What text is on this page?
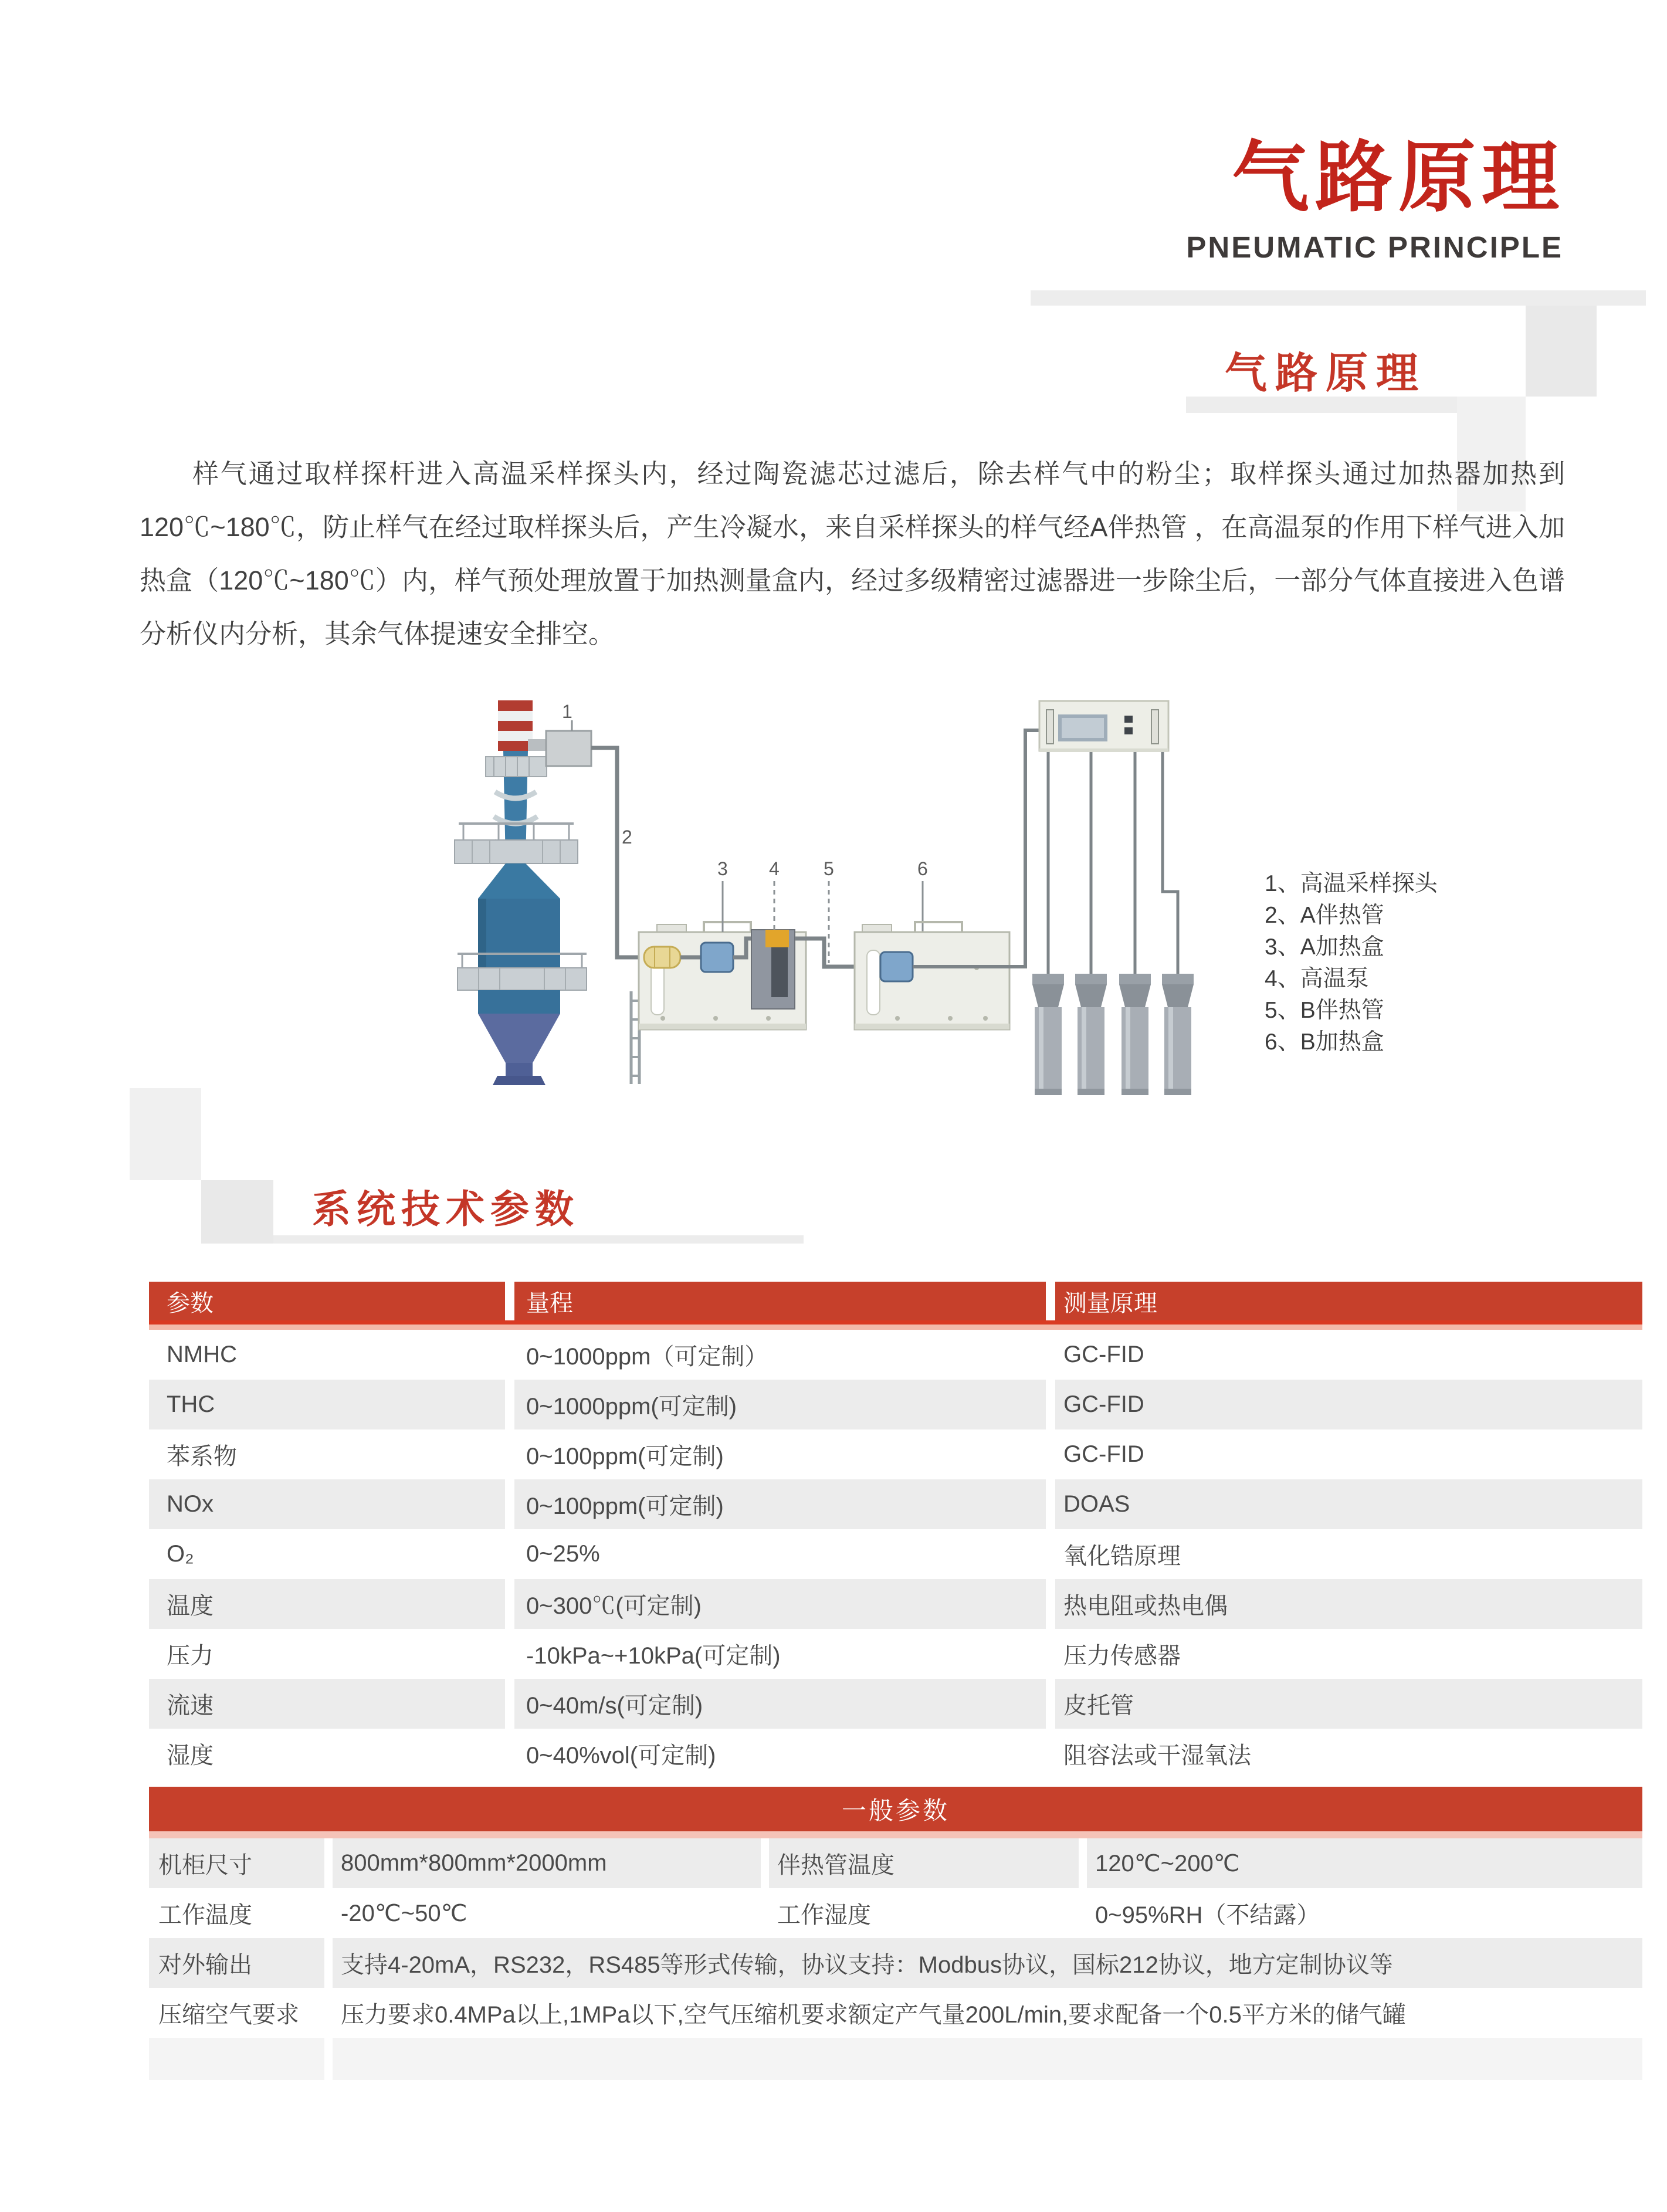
气路原理
PNEUMATIC PRINCIPLE
气路原理
样气通过取样探杆进入高温采样探头内，经过陶瓷滤芯过滤后，除去样气中的粉尘；取样探头通过加热器加热到120℃~180℃，防止样气在经过取样探头后，产生冷凝水，来自采样探头的样气经A伴热管 ，在高温泵的作用下样气进入加热盒（120℃~180℃）内，样气预处理放置于加热测量盒内，经过多级精密过滤器进一步除尘后，一部分气体直接进入色谱分析仪内分析，其余气体提速安全排空。
1
2
3 4 5	6
1、高温采样探头
2、A伴热管
3、A加热盒
4、高温泵
5、B伴热管
6、B加热盒
系统技术参数
参数	量程	测量原理
NMHC	0~1000ppm（可定制）	GC-FID
THC	0~1000ppm(可定制)	GC-FID
苯系物	0~100ppm(可定制)	GC-FID
NOx	0~100ppm(可定制)	DOAS
O₂	0~25%	氧化锆原理
温度	0~300℃(可定制)	热电阻或热电偶
压力	-10kPa~+10kPa(可定制)	压力传感器
流速	0~40m/s(可定制)	皮托管
湿度	0~40%vol(可定制)	阻容法或干湿氧法
一般参数
机柜尺寸	800mm*800mm*2000mm	伴热管温度	120℃~200℃
工作温度	-20℃~50℃	工作湿度	0~95%RH（不结露）
对外输出	支持4-20mA，RS232，RS485等形式传输，协议支持：Modbus协议，国标212协议，地方定制协议等
压缩空气要求	压力要求0.4MPa以上,1MPa以下,空气压缩机要求额定产气量200L/min,要求配备一个0.5平方米的储气罐
